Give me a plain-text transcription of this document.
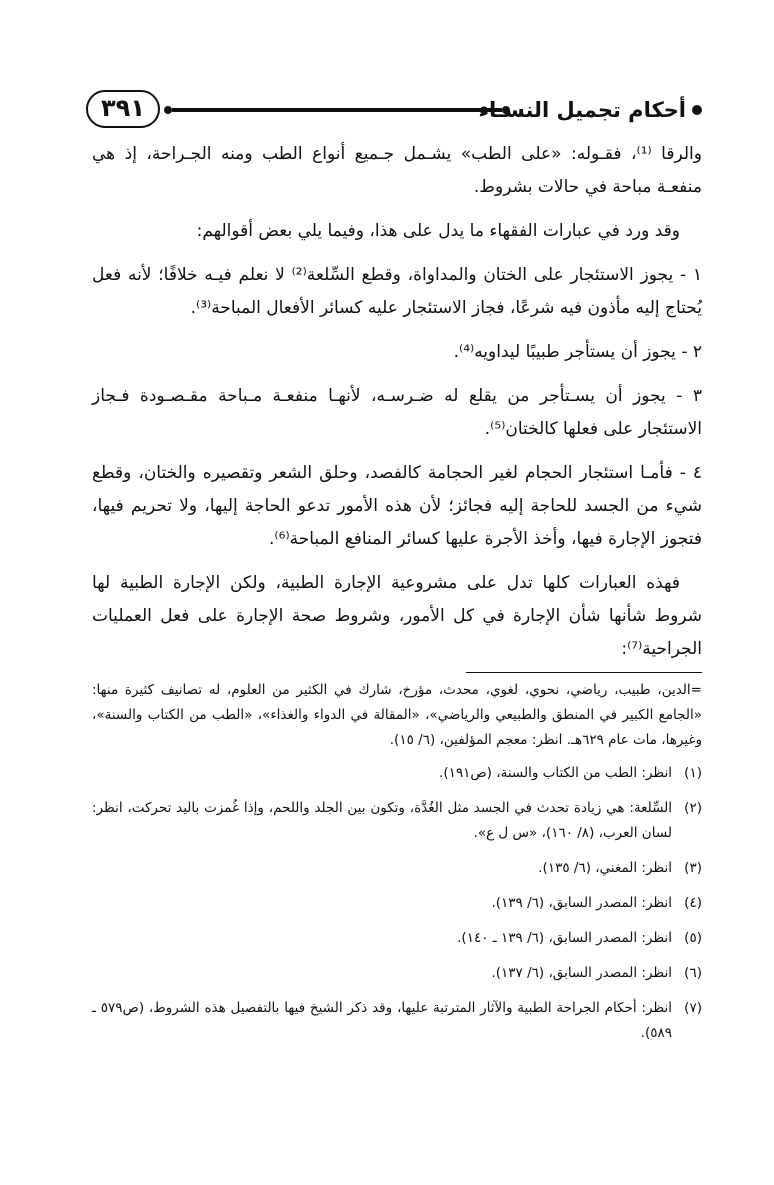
٣٩١	أحكام تجميل النسـاء

والرقا ⁽¹⁾، فقـوله: «على الطب» يشـمل جـميع أنواع الطب ومنه الجـراحة، إذ هي منفعـة مباحة في حالات بشروط.

وقد ورد في عبارات الفقهاء ما يدل على هذا، وفيما يلي بعض أقوالهم:

١ - يجوز الاستئجار على الختان والمداواة، وقطع السِّلعة⁽²⁾ لا نعلم فيـه خلافًا؛ لأنه فعل يُحتاج إليه مأذون فيه شرعًا، فجاز الاستئجار عليه كسائر الأفعال المباحة⁽³⁾.

٢ - يجوز أن يستأجر طبيبًا ليداويه⁽⁴⁾.

٣ - يجوز أن يسـتأجر من يقلع له ضـرسـه، لأنهـا منفعـة مـباحة مقـصـودة فـجاز الاستئجار على فعلها كالختان⁽⁵⁾.

٤ - فأمـا استئجار الحجام لغير الحجامة كالفصد، وحلق الشعر وتقصيره والختان، وقطع شيء من الجسد للحاجة إليه فجائز؛ لأن هذه الأمور تدعو الحاجة إليها، ولا تحريم فيها، فتجوز الإجارة فيها، وأخذ الأجرة عليها كسائر المنافع المباحة⁽⁶⁾.

فهذه العبارات كلها تدل على مشروعية الإجارة الطبية، ولكن الإجارة الطبية لها شروط شأنها شأن الإجارة في كل الأمور، وشروط صحة الإجارة على فعل العمليات الجراحية⁽⁷⁾:

=الدين، طبيب، رياضي، نحوي، لغوي، محدث، مؤرخ، شارك في الكثير من العلوم، له تصانيف كثيرة منها: «الجامع الكبير في المنطق والطبيعي والرياضي»، «المقالة في الدواء والغذاء»، «الطب من الكتاب والسنة»، وغيرها، مات عام ٦٢٩هـ. انظر: معجم المؤلفين، (٦/ ١٥).

(١)
انظر: الطب من الكتاب والسنة، (ص١٩١).
(٢)
السِّلعة: هي زيادة تحدث في الجسد مثل الغُدَّة، وتكون بين الجلد واللحم، وإذا غُمزت باليد تحركت، انظر: لسان العرب، (٨/ ١٦٠)، «س ل ع».
(٣)
انظر: المغني، (٦/ ١٣٥).
(٤)
انظر: المصدر السابق، (٦/ ١٣٩).
(٥)
انظر: المصدر السابق، (٦/ ١٣٩ ـ ١٤٠).
(٦)
انظر: المصدر السابق، (٦/ ١٣٧).
(٧)
انظر: أحكام الجراحة الطبية والآثار المترتبة عليها، وقد ذكر الشيخ فيها بالتفصيل هذه الشروط، (ص٥٧٩ ـ ٥٨٩).
